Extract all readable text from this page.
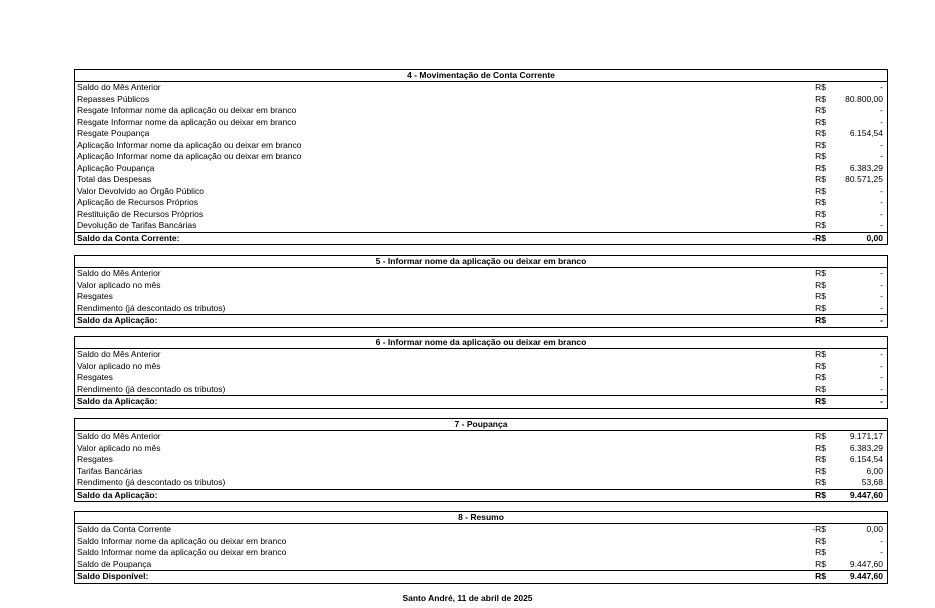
4 - Movimentação de Conta Corrente
Saldo do Mês Anterior	R$	-
Repasses Públicos	R$	80.800,00
Resgate Informar nome da aplicação ou deixar em branco	R$	-
Resgate Informar nome da aplicação ou deixar em branco	R$	-
Resgate Poupança	R$	6.154,54
Aplicação Informar nome da aplicação ou deixar em branco	R$	-
Aplicação Informar nome da aplicação ou deixar em branco	R$	-
Aplicação Poupança	R$	6.383,29
Total das Despesas	R$	80.571,25
Valor Devolvido ao Órgão Público	R$	-
Aplicação de Recursos Próprios	R$	-
Restituição de Recursos Próprios	R$	-
Devolução de Tarifas Bancárias	R$	-
Saldo da Conta Corrente:	-R$	0,00
5 - Informar nome da aplicação ou deixar em branco
Saldo do Mês Anterior	R$	-
Valor aplicado no mês	R$	-
Resgates	R$	-
Rendimento (já descontado os tributos)	R$	-
Saldo da Aplicação:	R$	-
6 - Informar nome da aplicação ou deixar em branco
Saldo do Mês Anterior	R$	-
Valor aplicado no mês	R$	-
Resgates	R$	-
Rendimento (já descontado os tributos)	R$	-
Saldo da Aplicação:	R$	-
7 - Poupança
Saldo do Mês Anterior	R$	9.171,17
Valor aplicado no mês	R$	6.383,29
Resgates	R$	6.154,54
Tarifas Bancárias	R$	6,00
Rendimento (já descontado os tributos)	R$	53,68
Saldo da Aplicação:	R$	9.447,60
8 - Resumo
Saldo da Conta Corrente	-R$	0,00
Saldo Informar nome da aplicação ou deixar em branco	R$	-
Saldo Informar nome da aplicação ou deixar em branco	R$	-
Saldo de Poupança	R$	9.447,60
Saldo Disponível:	R$	9.447,60
Santo André, 11 de abril de 2025
